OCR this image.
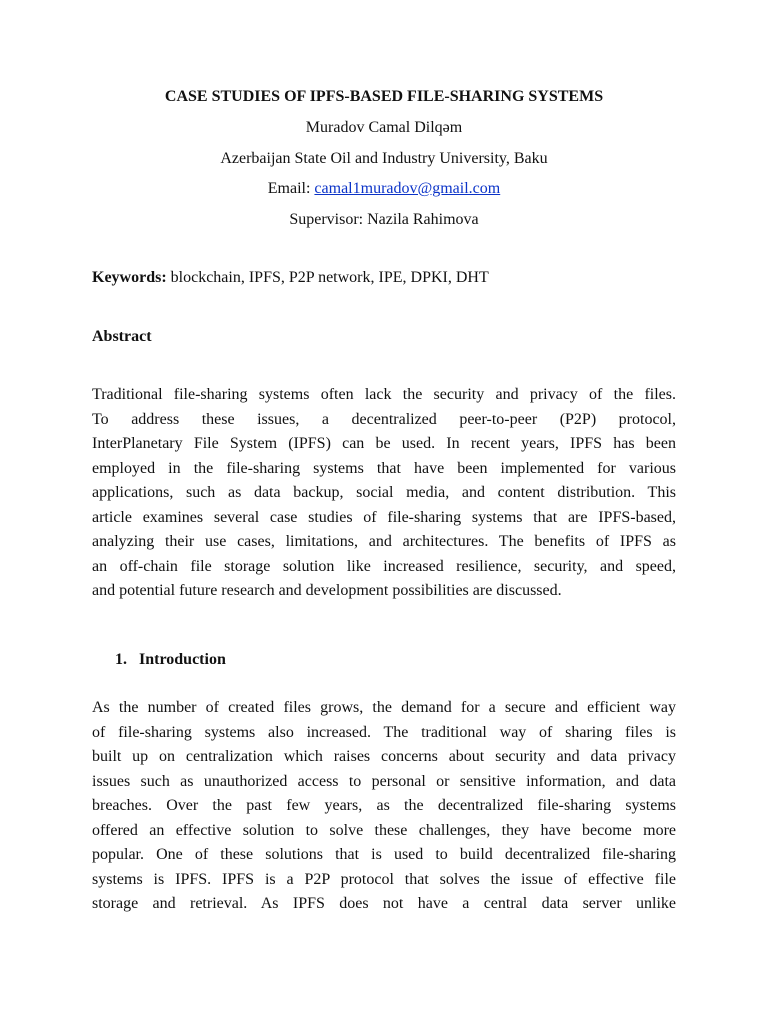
CASE STUDIES OF IPFS-BASED FILE-SHARING SYSTEMS
Muradov Camal Dilqəm
Azerbaijan State Oil and Industry University, Baku
Email: camal1muradov@gmail.com
Supervisor: Nazila Rahimova
Keywords: blockchain, IPFS, P2P network, IPE, DPKI, DHT
Abstract
Traditional file-sharing systems often lack the security and privacy of the files.
To address these issues, a decentralized peer-to-peer (P2P) protocol,
InterPlanetary File System (IPFS) can be used. In recent years, IPFS has been
employed in the file-sharing systems that have been implemented for various
applications, such as data backup, social media, and content distribution. This
article examines several case studies of file-sharing systems that are IPFS-based,
analyzing their use cases, limitations, and architectures. The benefits of IPFS as
an off-chain file storage solution like increased resilience, security, and speed,
and potential future research and development possibilities are discussed.
1. Introduction
As the number of created files grows, the demand for a secure and efficient way
of file-sharing systems also increased. The traditional way of sharing files is
built up on centralization which raises concerns about security and data privacy
issues such as unauthorized access to personal or sensitive information, and data
breaches. Over the past few years, as the decentralized file-sharing systems
offered an effective solution to solve these challenges, they have become more
popular. One of these solutions that is used to build decentralized file-sharing
systems is IPFS. IPFS is a P2P protocol that solves the issue of effective file
storage and retrieval. As IPFS does not have a central data server unlike
